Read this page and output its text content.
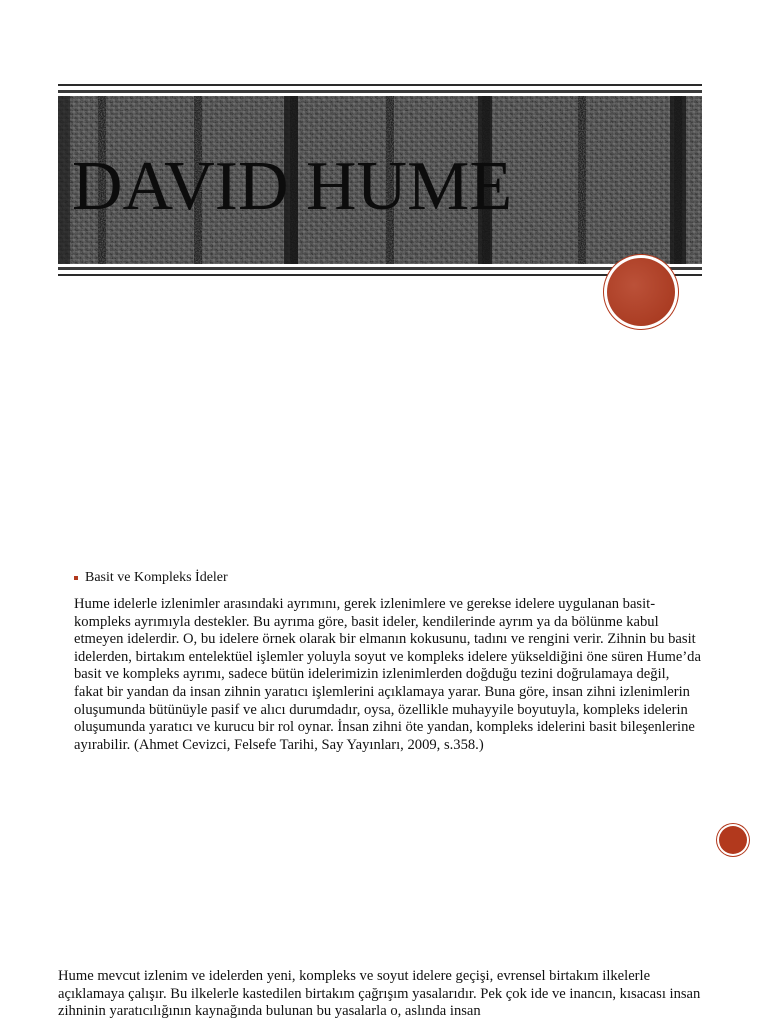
DAVID HUME
Basit ve Kompleks İdeler

Hume idelerle izlenimler arasındaki ayrımını, gerek izlenimlere ve gerekse idelere uygulanan basit-kompleks ayrımıyla destekler. Bu ayrıma göre, basit ideler, kendilerinde ayrım ya da bölünme kabul etmeyen idelerdir. O, bu idelere örnek olarak bir elmanın kokusunu, tadını ve rengini verir. Zihnin bu basit idelerden, birtakım entelektüel işlemler yoluyla soyut ve kompleks idelere yükseldiğini öne süren Hume’da basit ve kompleks ayrımı, sadece bütün idelerimizin izlenimlerden doğduğu tezini doğrulamaya değil, fakat bir yandan da insan zihnin yaratıcı işlemlerini açıklamaya yarar. Buna göre, insan zihni izlenimlerin oluşumunda bütünüyle pasif ve alıcı durumdadır, oysa, özellikle muhayyile boyutuyla, kompleks idelerin oluşumunda yaratıcı ve kurucu bir rol oynar. İnsan zihni öte yandan, kompleks idelerini basit bileşenlerine ayırabilir. (Ahmet Cevizci, Felsefe Tarihi, Say Yayınları, 2009, s.358.)

Hume mevcut izlenim ve idelerden yeni, kompleks ve soyut idelere geçişi, evrensel birtakım ilkelerle açıklamaya çalışır. Bu ilkelerle kastedilen birtakım çağrışım yasalarıdır. Pek çok ide ve inancın, kısacası insan zihninin yaratıcılığının kaynağında bulunan bu yasalarla o, aslında insan
